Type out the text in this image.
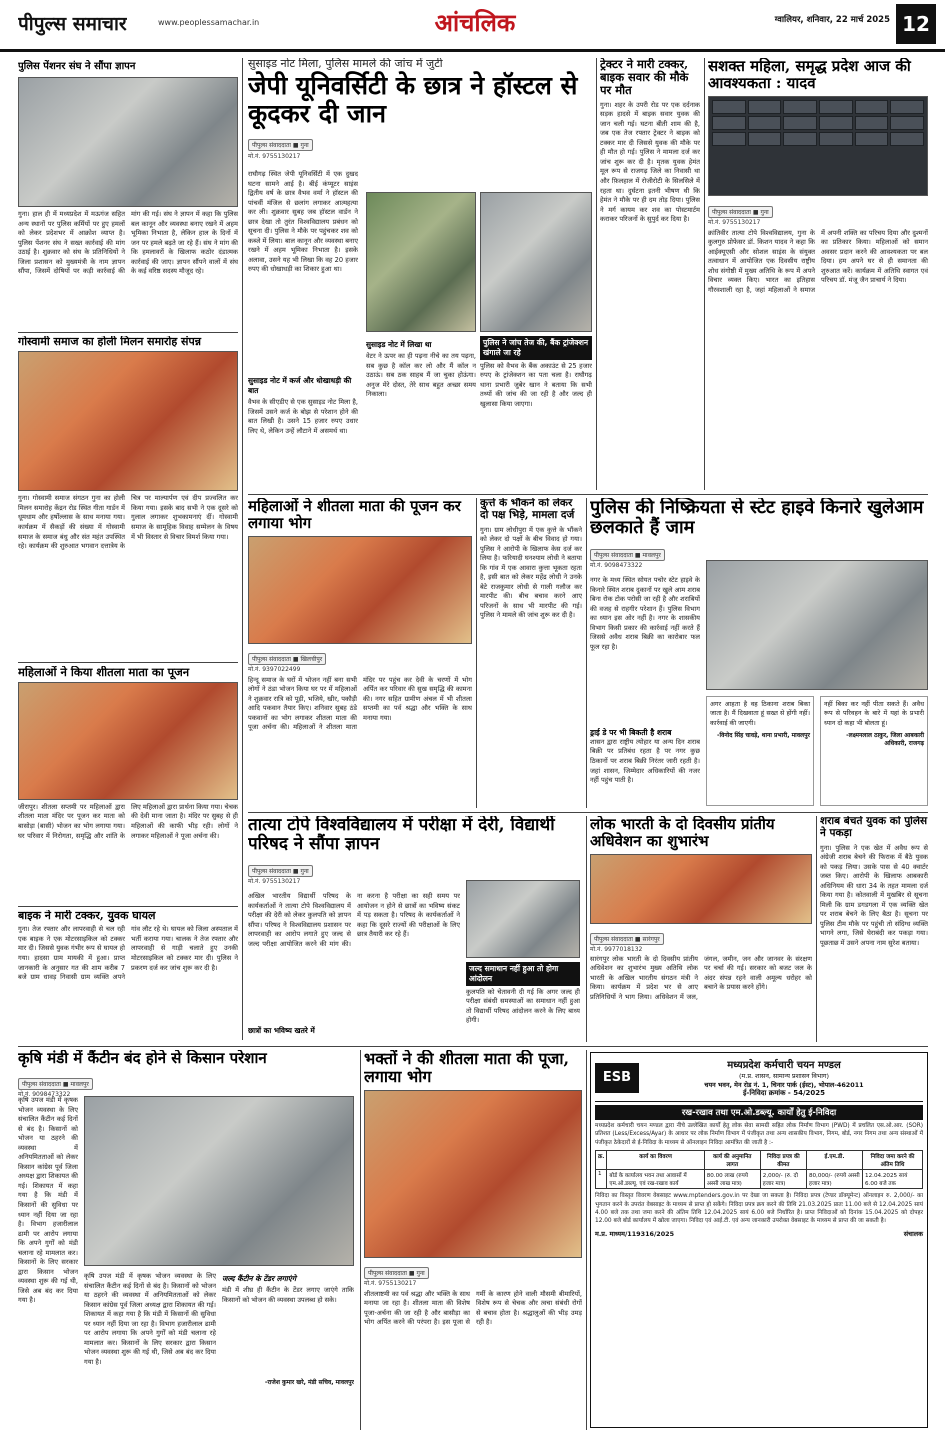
पीपुल्स समाचार	www.peoplessamachar.in	आंचलिक	ग्वालियर, शनिवार, 22 मार्च 2025 12
पुलिस पेंशनर संघ ने सौंपा ज्ञापन
गुना। हाल ही में मध्यप्रदेश में मऊगंज सहित अन्य स्थानों पर पुलिस कर्मियों पर हुए हमलों को लेकर प्रदेशभर में आक्रोश व्याप्त है। पुलिस पेंशनर संघ ने सख्त कार्रवाई की मांग उठाई है। शुक्रवार को संघ के प्रतिनिधियों ने जिला प्रशासन को मुख्यमंत्री के नाम ज्ञापन सौंपा, जिसमें दोषियों पर कड़ी कार्रवाई की मांग की गई। संघ ने ज्ञापन में कहा कि पुलिस बल कानून और व्यवस्था बनाए रखने में अहम भूमिका निभाता है, लेकिन हाल के दिनों में जन पर हमले बढ़ते जा रहे हैं। संघ ने मांग की कि हमलावरों के खिलाफ कठोर दंडात्मक कार्रवाई की जाए। ज्ञापन सौंपने वालों में संघ के कई वरिष्ठ सदस्य मौजूद रहे।
गोस्वामी समाज का होली मिलन समारोह संपन्न
गुना। गोस्वामी समाज संगठन गुना का होली मिलन समारोह केंद्रन रोड स्थित गीता गार्डन में धूमधाम और हर्षोल्लास के साथ मनाया गया। कार्यक्रम में सैकड़ों की संख्या में गोस्वामी समाज के समाज बंधु और संत महंत उपस्थित रहे। कार्यक्रम की शुरुआत भगवान दत्तात्रेय के चित्र पर माल्यार्पण एवं दीप प्रज्वलित कर किया गया। इसके बाद सभी ने एक दूसरे को गुलाल लगाकर शुभकामनाएं दीं। गोस्वामी समाज के सामूहिक विवाह सम्मेलन के विषय में भी विस्तार से विचार विमर्श किया गया।
महिलाओं ने किया शीतला माता का पूजन
जीरापुर। शीतला सप्तमी पर महिलाओं द्वारा शीतला माता मंदिर पर पूजन कर माता को बासोड़ा (बासी) भोजन का भोग लगाया गया। घर परिवार में निरोगता, समृद्धि और शांति के लिए महिलाओं द्वारा प्रार्थना किया गया। चेचक की देवी माना जाता है। मंदिर पर सुबह से ही महिलाओं की काफी भीड़ रही। लोगों ने लगाकर महिलाओं ने पूजा अर्चना की।
बाइक ने मारी टक्कर, युवक घायल
गुना। तेज रफ्तार और लापरवाही से चल रही एक बाइक ने एक मोटरसाइकिल को टक्कर मार दी। जिससे युवक गंभीर रूप से घायल हो गया। हादसा ग्राम मायकी में हुआ। प्राप्त जानकारी के अनुसार गत की शाम करीब 7 बजे ग्राम धावड़ निवासी ग्राम व्यक्ति अपने गांव लौट रहे थे। घायल को जिला अस्पताल में भर्ती कराया गया। चालक ने तेज रफ्तार और लापरवाही से गाड़ी चलाते हुए उनकी मोटरसाइकिल को टक्कर मार दी। पुलिस ने प्रकरण दर्ज कर जांच शुरू कर दी है।
सुसाइड नोट मिला, पुलिस मामले की जांच में जुटी
जेपी यूनिवर्सिटी के छात्र ने हॉस्टल से कूदकर दी जान
पीपुल्स संवाददाता ■ गुना
मो.नं. 9755130217
राघौगढ़ स्थित जेपी यूनिवर्सिटी में एक दुखद घटना सामने आई है। बीई कंप्यूटर साइंस द्वितीय वर्ष के छात्र वैभव वर्मा ने हॉस्टल की पांचवीं मंजिल से छलांग लगाकर आत्महत्या कर ली। शुक्रवार सुबह जब हॉस्टल वार्डन ने छात्र देखा तो तुरंत विश्वविद्यालय प्रबंधन को सूचना दी। पुलिस ने मौके पर पहुंचकर शव को कब्जे में लिया। बाल कानून और व्यवस्था बनाए रखने में अहम भूमिका निभाता है। इसके अलावा, उसने यह भी लिखा कि वह 20 हजार रुपए की धोखाधड़ी का शिकार हुआ था।
सुसाइड नोट में कर्ज और धोखाधड़ी की बात
वैभव के सीएडीए से एक सुसाइड नोट मिला है, जिसमें उसने कर्ज के बोझ से परेशान होने की बात लिखी है। उसने 15 हजार रुपए उधार लिए थे, लेकिन उन्हें लौटाने में असमर्थ था।
सुसाइड नोट में लिखा था
वेटर ने ऊपर का ही पढ़ना नीचे का तय पढ़ना, सब कुछ है कॉल कर लो और मैं कॉल न उठाऊं। सब ठक साहब मैं जा चुका होऊंगा। अनुज मेरे दोस्त, तेरे साथ बहुत अच्छा समय निकाला।
पुलिस ने जांच तेज की, बैंक ट्रांजेक्शन खंगाले जा रहे
पुलिस को वैभव के बैंक अकाउंट से 25 हजार रुपए के ट्रांजेक्शन का पता चला है। राघौगढ़ थाना प्रभारी जुबेर खान ने बताया कि सभी तथ्यों की जांच की जा रही है और जल्द ही खुलासा किया जाएगा।
ट्रेक्टर ने मारी टक्कर, बाइक सवार की मौके पर मौत
गुना। शहर के उपरी रोड पर एक दर्दनाक सड़क हादसे में बाइक सवार युवक की जान चली गई। घटना बीती शाम की है, जब एक तेज रफ्तार ट्रेक्टर ने बाइक को टक्कर मार दी जिससे युवक की मौके पर ही मौत हो गई। पुलिस ने मामला दर्ज कर जांच शुरू कर दी है। मृतक युवक हेमंत मूल रूप से राजगढ़ जिले का निवासी था और फ़िलहाल में रोजीरोटी के सिलसिले में रहता था। दुर्घटना इतनी भीषण थी कि हेमंत ने मौके पर ही दम तोड़ दिया। पुलिस ने मर्ग कायम कर शव का पोस्टमार्टम कराकर परिजनों के सुपुर्द कर दिया है।
सशक्त महिला, समृद्ध प्रदेश आज की आवश्यकता : यादव
पीपुल्स संवाददाता ■ गुना
मो.नं. 9755130217
क्रांतिवीर तात्या टोपे विश्वविद्यालय, गुना के कुलगुरु प्रोफेसर डॉ. किशन यादव ने कहा कि आईक्यूएसी और सोशल साइंस के संयुक्त तत्वाधान में आयोजित एक दिवसीय राष्ट्रीय शोध संगोष्ठी में मुख्य अतिथि के रूप में अपने विचार व्यक्त किए। भारत का इतिहास गौरवशाली रहा है, जहां महिलाओं ने समाज में अपनी शक्ति का परिचय दिया और दुश्मनों का प्रतिकार किया। महिलाओं को समान अवसर प्रदान करने की आवश्यकता पर बल दिया। हम अपने घर से ही समानता की शुरुआत करें। कार्यक्रम में अतिथि स्वागत एवं परिचय डॉ. मंजू जैन प्राचार्य ने दिया।
महिलाओं ने शीतला माता की पूजन कर लगाया भोग
पीपुल्स संवाददाता ■ खिलचीपुर
मो.नं. 9397022499
हिन्दू समाज के घरों में भोजन नहीं बना सभी लोगों ने ठंडा भोजन किया घर पर में महिलाओं ने शुक्रवार रात्रि को पूड़ी, भजिये, खीर, पकौड़ी आदि पकवान तैयार किए। शनिवार सुबह ठंडे पकवानों का भोग लगाकर शीतला माता की पूजा अर्चना की। महिलाओं ने शीतला माता मंदिर पर पहुंच कर देवी के चरणों में भोग अर्पित कर परिवार की सुख समृद्धि की कामना की। नगर सहित ग्रामीण अंचल में भी शीतला सप्तमी का पर्व श्रद्धा और भक्ति के साथ मनाया गया।
कुत्ते के भौंकने को लेकर दो पक्ष भिड़े, मामला दर्ज
गुना। ग्राम लोधीपुरा में एक कुत्ते के भौंकने को लेकर दो पक्षों के बीच विवाद हो गया। पुलिस ने आरोपी के खिलाफ केस दर्ज कर लिया है। फरियादी घनश्याम लोधी ने बताया कि गांव में एक आवारा कुत्ता भूकता रहता है, इसी बात को लेकर महेंद्र लोधी ने उनके बेटे राजकुमार लोधी से गाली गलौज कर मारपीट की। बीच बचाव करने आए परिजनों के साथ भी मारपीट की गई। पुलिस ने मामले की जांच शुरू कर दी है।
पुलिस की निष्क्रियता से स्टेट हाइवे किनारे खुलेआम छलकाते हैं जाम
पीपुल्स संवाददाता ■ मावलपुर
मो.नं. 9098473322
नगर के मध्य स्थित सोयत पचोर स्टेट हाइवे के किनारे स्थित शराब दुकानों पर खुले आम शराब बिना रोक टोक परोसी जा रही है और शराबियों की वजह से राहगीर परेशान हैं। पुलिस विभाग का ध्यान इस ओर नहीं है। नगर के शासकीय विभाग किसी प्रकार की कार्रवाई नहीं करते हैं जिससे अवैध शराब बिक्री का कारोबार फल फूल रहा है।
ड्राई डे पर भी बिकती है शराब
शासन द्वारा राष्ट्रीय त्योहार या अन्य दिन शराब बिक्री पर प्रतिबंध रहता है पर नगर कुछ ठिकानों पर शराब बिक्री निरंतर जारी रहती है। जहां शासन, जिम्मेदार अधिकारियों की नजर नहीं पहुंच पाती है।
अगर आहता है वह ठिकाना शराब बिका जाता है। मैं दिखवाता हूं सख्त से होंगी नहीं। कार्रवाई की जाएगी।
-विनोद सिंह चावड़े, थाना प्रभारी, मावलपुर
नहीं बिका कर नहीं पीता सकते हैं। अवैध रूप से परिवहन के बारे में यहां के प्रभारी ध्यान दो कहा भी बोलता हूं।
-लक्ष्मनलाल ठाकुर, जिला आबकारी अधिकारी, राजगढ़
तात्या टोपे विश्वविद्यालय में परीक्षा में देरी, विद्यार्थी परिषद ने सौंपा ज्ञापन
पीपुल्स संवाददाता ■ गुना
मो.नं. 9755130217
अखिल भारतीय विद्यार्थी परिषद के कार्यकर्ताओं ने तात्या टोपे विश्वविद्यालय में परीक्षा की देरी को लेकर कुलपति को ज्ञापन सौंपा। परिषद ने विश्वविद्यालय प्रशासन पर लापरवाही का आरोप लगाते हुए जल्द से जल्द परीक्षा आयोजित करने की मांग की। ना करना है परीक्षा का सही समय पर आयोजन न होने से छात्रों का भविष्य संकट में पड़ सकता है। परिषद के कार्यकर्ताओं ने कहा कि दूसरे राज्यों की परीक्षाओं के लिए छात्र तैयारी कर रहे हैं।
छात्रों का भविष्य खतरे में
जल्द समाधान नहीं हुआ तो होगा आंदोलन
कुलपति को चेतावनी दी गई कि अगर जल्द ही परीक्षा संबंधी समस्याओं का समाधान नहीं हुआ तो विद्यार्थी परिषद आंदोलन करने के लिए बाध्य होगी।
लोक भारती के दो दिवसीय प्रांतीय अधिवेशन का शुभारंभ
पीपुल्स संवाददाता ■ सारंगपुर
मो.नं. 9977018132
सारंगपुर लोक भारती के दो दिवसीय प्रांतीय अधिवेशन का शुभारंभ मुख्य अतिथि लोक भारती के अखिल भारतीय संगठन मंत्री ने किया। कार्यक्रम में प्रदेश भर से आए प्रतिनिधियों ने भाग लिया। अधिवेशन में जल, जंगल, जमीन, जन और जानवर के संरक्षण पर चर्चा की गई। सरकार को बजट जल के अंदर संपन्न रहने वाली अमूल्य धरोहर को बचाने के प्रयास करने होंगे।
शराब बेचते युवक को पुलिस ने पकड़ा
गुना। पुलिस ने एक खेत में अवैध रूप से अंग्रेजी शराब बेचने की फिराक में बैठे युवक को पकड़ लिया। उसके पास से 40 क्वार्टर जब्त किए। आरोपी के खिलाफ आबकारी अधिनियम की धारा 34 के तहत मामला दर्ज किया गया है। कोतवाली में मुखबिर से सूचना मिली कि ग्राम डगडगला में एक व्यक्ति खेत पर शराब बेचने के लिए बैठा है। सूचना पर पुलिस टीम मौके पर पहुंची तो संदिग्ध व्यक्ति भागने लगा, जिसे घेराबंदी कर पकड़ा गया। पूछताछ में उसने अपना नाम सुरेश बताया।
कृषि मंडी में कैंटीन बंद होने से किसान परेशान
पीपुल्स संवाददाता ■ मावलपुर
मो.नं. 9098473322
कृषि उपज मंडी में कृषक भोजन व्यवस्था के लिए संचालित कैंटीन कई दिनों से बंद है। किसानों को भोजन या ठहरने की व्यवस्था में अनियमितताओं को लेकर किसान कांग्रेस पूर्व जिला अध्यक्ष द्वारा शिकायत की गई। शिकायत में कहा गया है कि मंडी में किसानों की सुविधा पर ध्यान नहीं दिया जा रहा है। विभाग हजारीलाल ढामी पर आरोप लगाया कि अपने गुर्गों को मंडी चलाना रहे मामलात कर। किसानों के लिए सरकार द्वारा किसान भोजन व्यवस्था शुरू की गई थी, जिसे अब बंद कर दिया गया है।
कृषि उपज मंडी में कृषक भोजन व्यवस्था के लिए संचालित कैंटीन कई दिनों से बंद है। किसानों को भोजन या ठहरने की व्यवस्था में अनियमितताओं को लेकर किसान कांग्रेस पूर्व जिला अध्यक्ष द्वारा शिकायत की गई। शिकायत में कहा गया है कि मंडी में किसानों की सुविधा पर ध्यान नहीं दिया जा रहा है। विभाग हजारीलाल ढामी पर आरोप लगाया कि अपने गुर्गों को मंडी चलाना रहे मामलात कर। किसानों के लिए सरकार द्वारा किसान भोजन व्यवस्था शुरू की गई थी, जिसे अब बंद कर दिया गया है।
जल्द कैंटीन के टेंडर लगाएंगे
मंडी में शीघ्र ही कैंटीन के टेंडर लगाए जाएंगे ताकि किसानों को भोजन की व्यवस्था उपलब्ध हो सके।
-राजेश कुमार खरे, मंडी सचिव, मावलपुर
भक्तों ने की शीतला माता की पूजा, लगाया भोग
पीपुल्स संवाददाता ■ गुना
मो.नं. 9755130217
शीतलाष्टमी का पर्व श्रद्धा और भक्ति के साथ मनाया जा रहा है। शीतला माता की विशेष पूजा-अर्चना की जा रही है और बासौड़ा का भोग अर्पित करने की परंपरा है। इस पूजा से गर्मी के कारण होने वाली मौसमी बीमारियों, विशेष रूप से चेचक और त्वचा संबंधी रोगों से बचाव होता है। श्रद्धालुओं की भीड़ उमड़ रही है।
ESB
मध्यप्रदेश कर्मचारी चयन मण्डल
(म.प्र. शासन, सामान्य प्रशासन विभाग)
चयन भवन, मेन रोड नं. 1, चिनार पार्क (ईस्ट), भोपाल-462011
ई-निविदा क्रमांक - 54/2025
रख-रखाव तथा एम.ओ.डब्ल्यू. कार्यों हेतु ई-निविदा
मध्यप्रदेश कर्मचारी चयन मण्डल द्वारा नीचे उल्लेखित कार्यों हेतु लोक सेवा सामग्री सहित लोक निर्माण विभाग (PWD) में प्रचलित एस.ओ.आर. (SOR) प्रतिशत (Less/Excess/Ayar) के आधार पर लोक निर्माण विभाग में पंजीकृत तथा अन्य शासकीय विभाग, निगम, बोर्ड, नगर निगम तथा अन्य संस्थाओं में पंजीकृत ठेकेदारों से ई-निविदा के माध्यम से ऑनलाइन निविदा आमंत्रित की जाती है :-
क्र.	कार्य का विवरण	कार्य की अनुमानित लागत	निविदा प्रपत्र की कीमत	ई.एम.डी.	निविदा जमा करने की अंतिम तिथि
1	बोर्ड के कार्यालय भवन तथा आवासों में एम.ओ.डब्ल्यू. एवं रख-रखाव कार्य	80.00 लाख (रुपये अस्सी लाख मात्र)	2,000/- (रु. दो हजार मात्र)	80,000/- (रुपये अस्सी हजार मात्र)	12.04.2025 सायं 6.00 बजे तक
निविदा का विस्तृत विवरण वेबसाइट www.mptenders.gov.in पर देखा जा सकता है। निविदा प्रपत्र (टेण्डर डॉक्यूमेन्ट) ऑनलाइन रु. 2,000/- का भुगतान करने के उपरांत वेबसाइट के माध्यम से प्राप्त हो सकेंगे। निविदा प्रपत्र क्रय करने की तिथि 21.03.2025 प्रातः 11.00 बजे से 12.04.2025 सायं 4.00 बजे तक तथा जमा करने की अंतिम तिथि 12.04.2025 सायं 6.00 बजे निर्धारित है। प्राप्त निविदाओं को दिनांक 15.04.2025 को दोपहर 12.00 बजे बोर्ड कार्यालय में खोला जाएगा। निविदा एवं आई.टी. एवं अन्य जानकारी उपरोक्त वेबसाइट के माध्यम से प्राप्त की जा सकती है।
म.प्र. माध्यम/119316/2025	संचालक
